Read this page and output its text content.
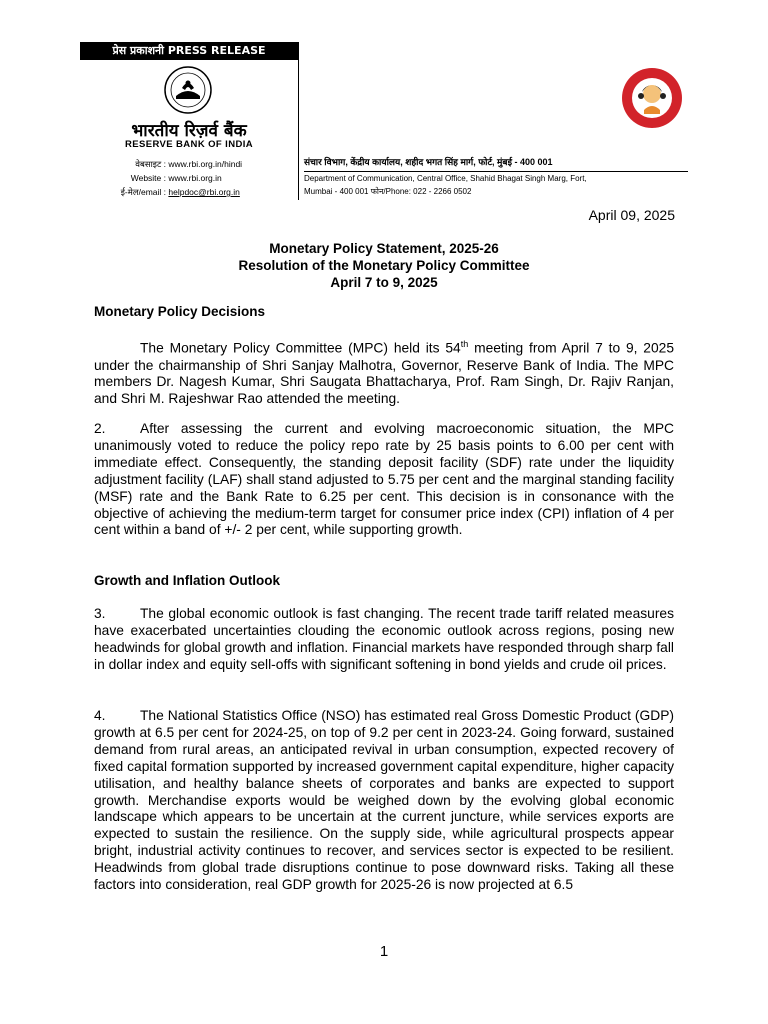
प्रेस प्रकाशनी PRESS RELEASE
भारतीय रिज़र्व बैंक
RESERVE BANK OF INDIA
वेबसाइट : www.rbi.org.in/hindi
Website : www.rbi.org.in
ई-मेल/email : helpdoc@rbi.org.in
संचार विभाग, केंद्रीय कार्यालय, शहीद भगत सिंह मार्ग, फोर्ट, मुंबई - 400 001
Department of Communication, Central Office, Shahid Bhagat Singh Marg, Fort,
Mumbai - 400 001 फोन/Phone: 022 - 2266 0502
April 09, 2025
Monetary Policy Statement, 2025-26
Resolution of the Monetary Policy Committee
April 7 to 9, 2025
Monetary Policy Decisions

The Monetary Policy Committee (MPC) held its 54th meeting from April 7 to 9, 2025 under the chairmanship of Shri Sanjay Malhotra, Governor, Reserve Bank of India. The MPC members Dr. Nagesh Kumar, Shri Saugata Bhattacharya, Prof. Ram Singh, Dr. Rajiv Ranjan, and Shri M. Rajeshwar Rao attended the meeting.

2. After assessing the current and evolving macroeconomic situation, the MPC unanimously voted to reduce the policy repo rate by 25 basis points to 6.00 per cent with immediate effect. Consequently, the standing deposit facility (SDF) rate under the liquidity adjustment facility (LAF) shall stand adjusted to 5.75 per cent and the marginal standing facility (MSF) rate and the Bank Rate to 6.25 per cent. This decision is in consonance with the objective of achieving the medium-term target for consumer price index (CPI) inflation of 4 per cent within a band of +/- 2 per cent, while supporting growth.

Growth and Inflation Outlook

3. The global economic outlook is fast changing. The recent trade tariff related measures have exacerbated uncertainties clouding the economic outlook across regions, posing new headwinds for global growth and inflation. Financial markets have responded through sharp fall in dollar index and equity sell-offs with significant softening in bond yields and crude oil prices.

4. The National Statistics Office (NSO) has estimated real Gross Domestic Product (GDP) growth at 6.5 per cent for 2024-25, on top of 9.2 per cent in 2023-24. Going forward, sustained demand from rural areas, an anticipated revival in urban consumption, expected recovery of fixed capital formation supported by increased government capital expenditure, higher capacity utilisation, and healthy balance sheets of corporates and banks are expected to support growth. Merchandise exports would be weighed down by the evolving global economic landscape which appears to be uncertain at the current juncture, while services exports are expected to sustain the resilience. On the supply side, while agricultural prospects appear bright, industrial activity continues to recover, and services sector is expected to be resilient. Headwinds from global trade disruptions continue to pose downward risks. Taking all these factors into consideration, real GDP growth for 2025-26 is now projected at 6.5

1
